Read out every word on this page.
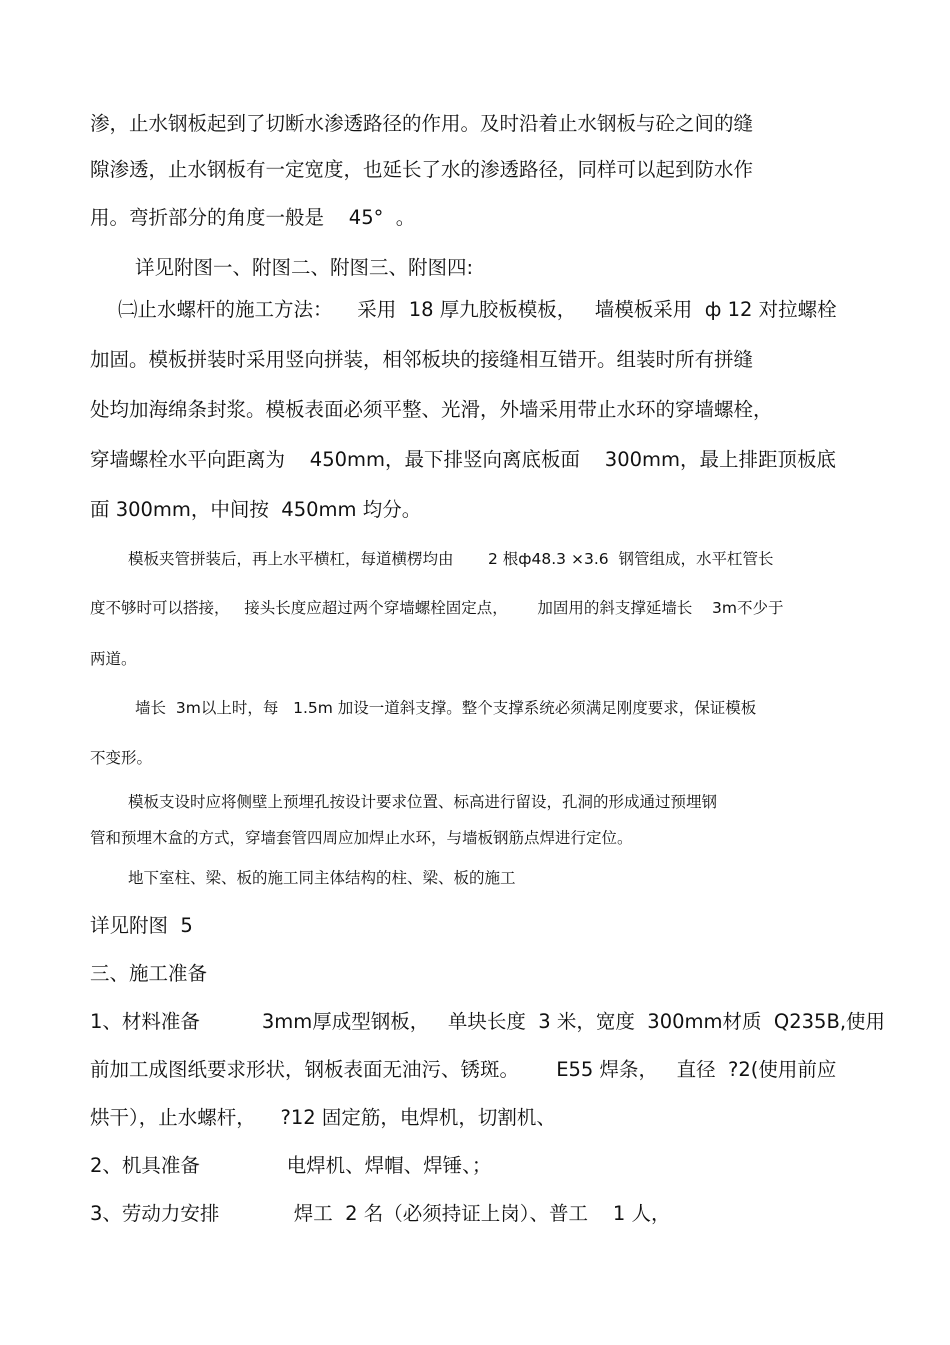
渗，止水钢板起到了切断水渗透路径的作用。及时沿着止水钢板与砼之间的缝

隙渗透，止水钢板有一定宽度，也延长了水的渗透路径，同样可以起到防水作

用。弯折部分的角度一般是    45°  。

详见附图一、附图二、附图三、附图四:

㈡止水螺杆的施工方法：    采用  18 厚九胶板模板，   墙模板采用  ф 12 对拉螺栓

加固。模板拼装时采用竖向拼装，相邻板块的接缝相互错开。组装时所有拼缝

处均加海绵条封浆。模板表面必须平整、光滑，外墙采用带止水环的穿墙螺栓，

穿墙螺栓水平向距离为    450mm，最下排竖向离底板面    300mm，最上排距顶板底

面 300mm，中间按  450mm 均分。

模板夹管拼装后，再上水平横杠，每道横楞均由       2 根ф48.3 ×3.6  钢管组成，水平杠管长

度不够时可以搭接，   接头长度应超过两个穿墙螺栓固定点，      加固用的斜支撑延墙长    3m不少于

两道。

墙长  3m以上时，每   1.5m 加设一道斜支撑。整个支撑系统必须满足刚度要求，保证模板

不变形。

模板支设时应将侧壁上预埋孔按设计要求位置、标高进行留设，孔洞的形成通过预埋钢

管和预埋木盒的方式，穿墙套管四周应加焊止水环，与墙板钢筋点焊进行定位。

地下室柱、梁、板的施工同主体结构的柱、梁、板的施工

详见附图  5

三、施工准备

1、材料准备          3mm厚成型钢板，   单块长度  3 米，宽度  300mm材质  Q235B,使用

前加工成图纸要求形状，钢板表面无油污、锈斑。      E55 焊条，   直径  ?2(使用前应

烘干），止水螺杆，    ?12 固定筋，电焊机，切割机、

2、机具准备              电焊机、焊帽、焊锤、；

3、劳动力安排            焊工  2 名（必须持证上岗）、普工    1 人，
